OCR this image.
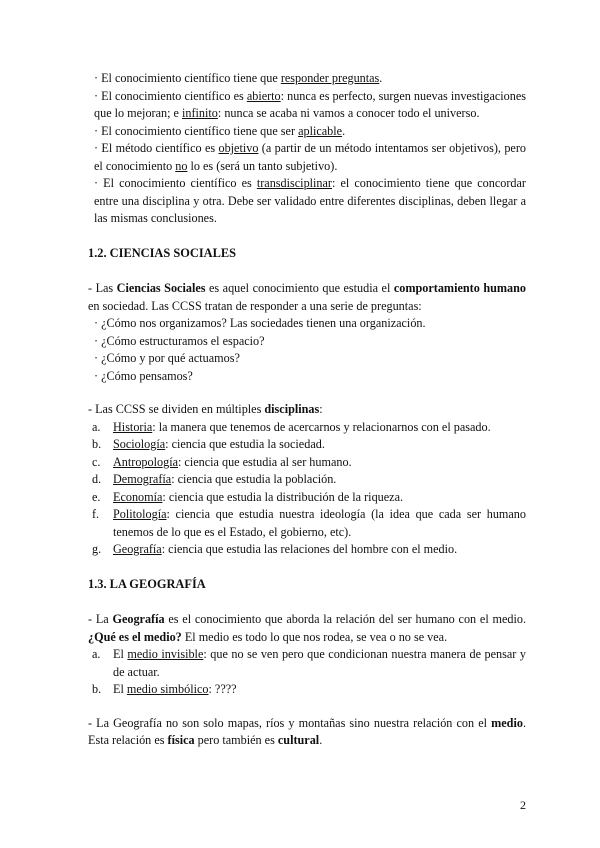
· El conocimiento científico tiene que responder preguntas.

· El conocimiento científico es abierto: nunca es perfecto, surgen nuevas investigaciones que lo mejoran; e infinito: nunca se acaba ni vamos a conocer todo el universo.

· El conocimiento científico tiene que ser aplicable.

· El método científico es objetivo (a partir de un método intentamos ser objetivos), pero el conocimiento no lo es (será un tanto subjetivo).

· El conocimiento científico es transdisciplinar: el conocimiento tiene que concordar entre una disciplina y otra. Debe ser validado entre diferentes disciplinas, deben llegar a las mismas conclusiones.

1.2. CIENCIAS SOCIALES

- Las Ciencias Sociales es aquel conocimiento que estudia el comportamiento humano en sociedad. Las CCSS tratan de responder a una serie de preguntas:

· ¿Cómo nos organizamos? Las sociedades tienen una organización.

· ¿Cómo estructuramos el espacio?

· ¿Cómo y por qué actuamos?

· ¿Cómo pensamos?

- Las CCSS se dividen en múltiples disciplinas:

a. Historia: la manera que tenemos de acercarnos y relacionarnos con el pasado.
b. Sociología: ciencia que estudia la sociedad.
c. Antropología: ciencia que estudia al ser humano.
d. Demografía: ciencia que estudia la población.
e. Economía: ciencia que estudia la distribución de la riqueza.
f. Politología: ciencia que estudia nuestra ideología (la idea que cada ser humano tenemos de lo que es el Estado, el gobierno, etc).
g. Geografía: ciencia que estudia las relaciones del hombre con el medio.
1.3. LA GEOGRAFÍA

- La Geografía es el conocimiento que aborda la relación del ser humano con el medio. ¿Qué es el medio? El medio es todo lo que nos rodea, se vea o no se vea.

a. El medio invisible: que no se ven pero que condicionan nuestra manera de pensar y de actuar.
b. El medio simbólico: ????

- La Geografía no son solo mapas, ríos y montañas sino nuestra relación con el medio. Esta relación es física pero también es cultural.

2
